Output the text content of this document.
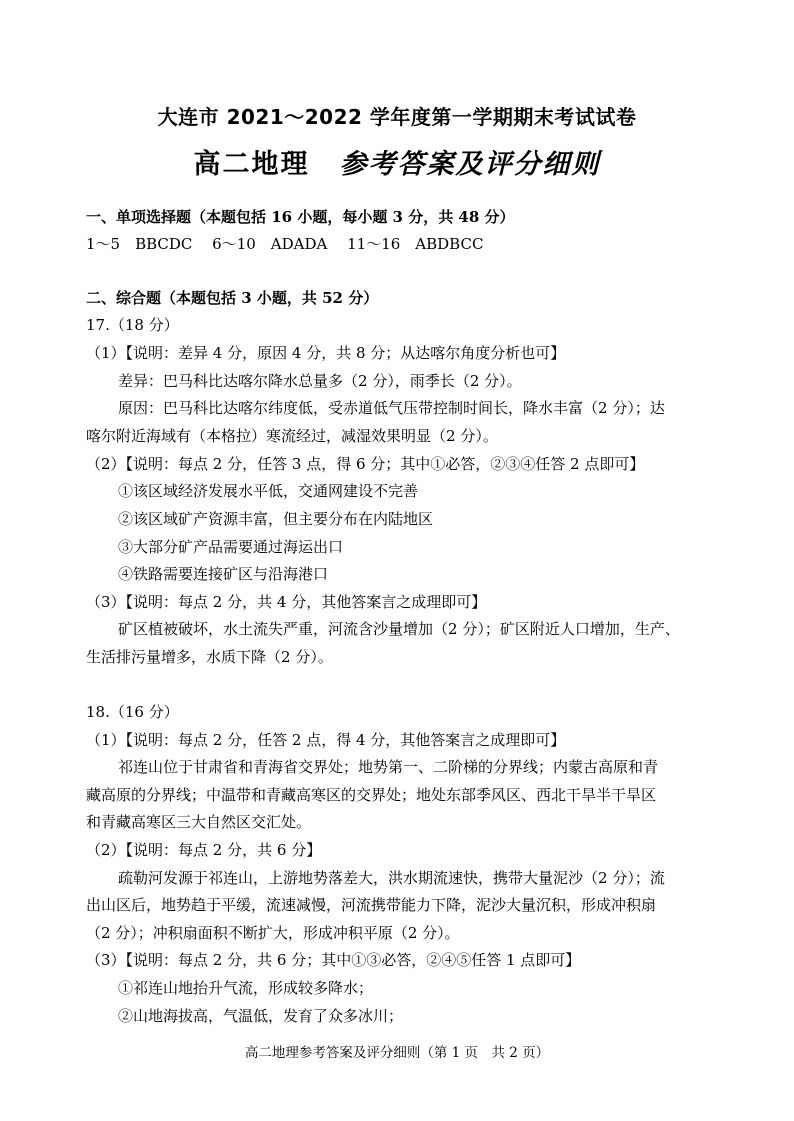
大连市 2021～2022 学年度第一学期期末考试试卷
高二地理 参考答案及评分细则
一、单项选择题（本题包括 16 小题，每小题 3 分，共 48 分）
1～5　BBCDC　 6～10　ADADA　 11～16　ABDBCC
二、综合题（本题包括 3 小题，共 52 分）
17.（18 分）
（1）【说明：差异 4 分，原因 4 分，共 8 分；从达喀尔角度分析也可】
差异：巴马科比达喀尔降水总量多（2 分），雨季长（2 分）。
原因：巴马科比达喀尔纬度低，受赤道低气压带控制时间长，降水丰富（2 分）；达
喀尔附近海域有（本格拉）寒流经过，减湿效果明显（2 分）。
（2）【说明：每点 2 分，任答 3 点，得 6 分；其中①必答，②③④任答 2 点即可】
①该区域经济发展水平低，交通网建设不完善
②该区域矿产资源丰富，但主要分布在内陆地区
③大部分矿产品需要通过海运出口
④铁路需要连接矿区与沿海港口
（3）【说明：每点 2 分，共 4 分，其他答案言之成理即可】
矿区植被破坏，水土流失严重，河流含沙量增加（2 分）；矿区附近人口增加，生产、
生活排污量增多，水质下降（2 分）。
18.（16 分）
（1）【说明：每点 2 分，任答 2 点，得 4 分，其他答案言之成理即可】
祁连山位于甘肃省和青海省交界处；地势第一、二阶梯的分界线；内蒙古高原和青
藏高原的分界线；中温带和青藏高寒区的交界处；地处东部季风区、西北干旱半干旱区
和青藏高寒区三大自然区交汇处。
（2）【说明：每点 2 分，共 6 分】
疏勒河发源于祁连山，上游地势落差大，洪水期流速快，携带大量泥沙（2 分）；流
出山区后，地势趋于平缓，流速减慢，河流携带能力下降，泥沙大量沉积，形成冲积扇
（2 分）；冲积扇面积不断扩大，形成冲积平原（2 分）。
（3）【说明：每点 2 分，共 6 分；其中①③必答，②④⑤任答 1 点即可】
①祁连山地抬升气流，形成较多降水；
②山地海拔高，气温低，发育了众多冰川；
高二地理参考答案及评分细则（第 1 页　共 2 页）
